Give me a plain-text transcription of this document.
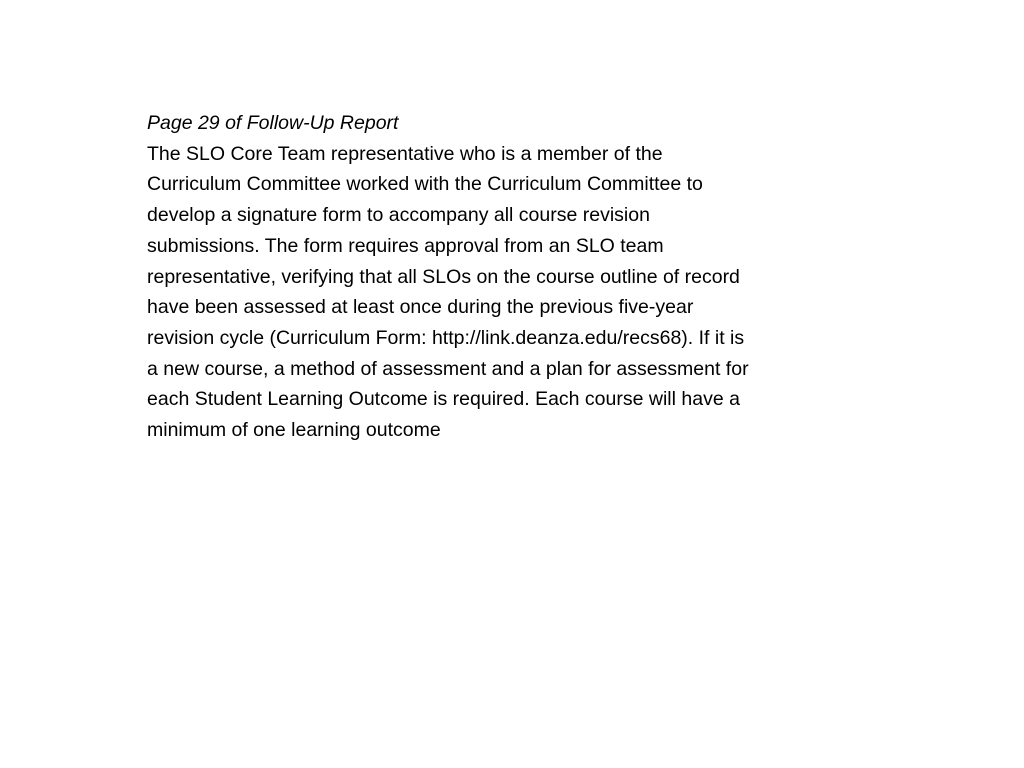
Page 29 of Follow-Up Report
The SLO Core Team representative who is a member of the
Curriculum Committee worked with the Curriculum Committee to
develop a signature form to accompany all course revision
submissions. The form requires approval from an SLO team
representative, verifying that all SLOs on the course outline of record
have been assessed at least once during the previous five-year
revision cycle (Curriculum Form: http://link.deanza.edu/recs68). If it is
a new course, a method of assessment and a plan for assessment for
each Student Learning Outcome is required. Each course will have a
minimum of one learning outcome
